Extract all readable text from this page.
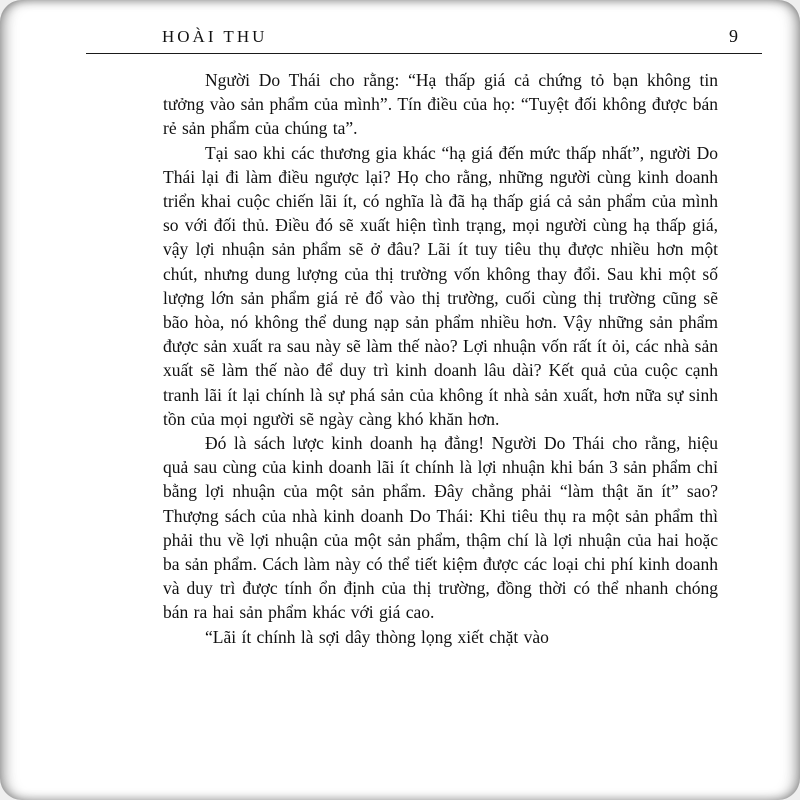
HOÀI THU	9

Người Do Thái cho rằng: “Hạ thấp giá cả chứng tỏ bạn không tin tưởng vào sản phẩm của mình”. Tín điều của họ: “Tuyệt đối không được bán rẻ sản phẩm của chúng ta”.

Tại sao khi các thương gia khác “hạ giá đến mức thấp nhất”, người Do Thái lại đi làm điều ngược lại? Họ cho rằng, những người cùng kinh doanh triển khai cuộc chiến lãi ít, có nghĩa là đã hạ thấp giá cả sản phẩm của mình so với đối thủ. Điều đó sẽ xuất hiện tình trạng, mọi người cùng hạ thấp giá, vậy lợi nhuận sản phẩm sẽ ở đâu? Lãi ít tuy tiêu thụ được nhiều hơn một chút, nhưng dung lượng của thị trường vốn không thay đổi. Sau khi một số lượng lớn sản phẩm giá rẻ đổ vào thị trường, cuối cùng thị trường cũng sẽ bão hòa, nó không thể dung nạp sản phẩm nhiều hơn. Vậy những sản phẩm được sản xuất ra sau này sẽ làm thế nào? Lợi nhuận vốn rất ít ỏi, các nhà sản xuất sẽ làm thế nào để duy trì kinh doanh lâu dài? Kết quả của cuộc cạnh tranh lãi ít lại chính là sự phá sản của không ít nhà sản xuất, hơn nữa sự sinh tồn của mọi người sẽ ngày càng khó khăn hơn.

Đó là sách lược kinh doanh hạ đẳng! Người Do Thái cho rằng, hiệu quả sau cùng của kinh doanh lãi ít chính là lợi nhuận khi bán 3 sản phẩm chỉ bằng lợi nhuận của một sản phẩm. Đây chẳng phải “làm thật ăn ít” sao? Thượng sách của nhà kinh doanh Do Thái: Khi tiêu thụ ra một sản phẩm thì phải thu về lợi nhuận của một sản phẩm, thậm chí là lợi nhuận của hai hoặc ba sản phẩm. Cách làm này có thể tiết kiệm được các loại chi phí kinh doanh và duy trì được tính ổn định của thị trường, đồng thời có thể nhanh chóng bán ra hai sản phẩm khác với giá cao.

“Lãi ít chính là sợi dây thòng lọng xiết chặt vào
